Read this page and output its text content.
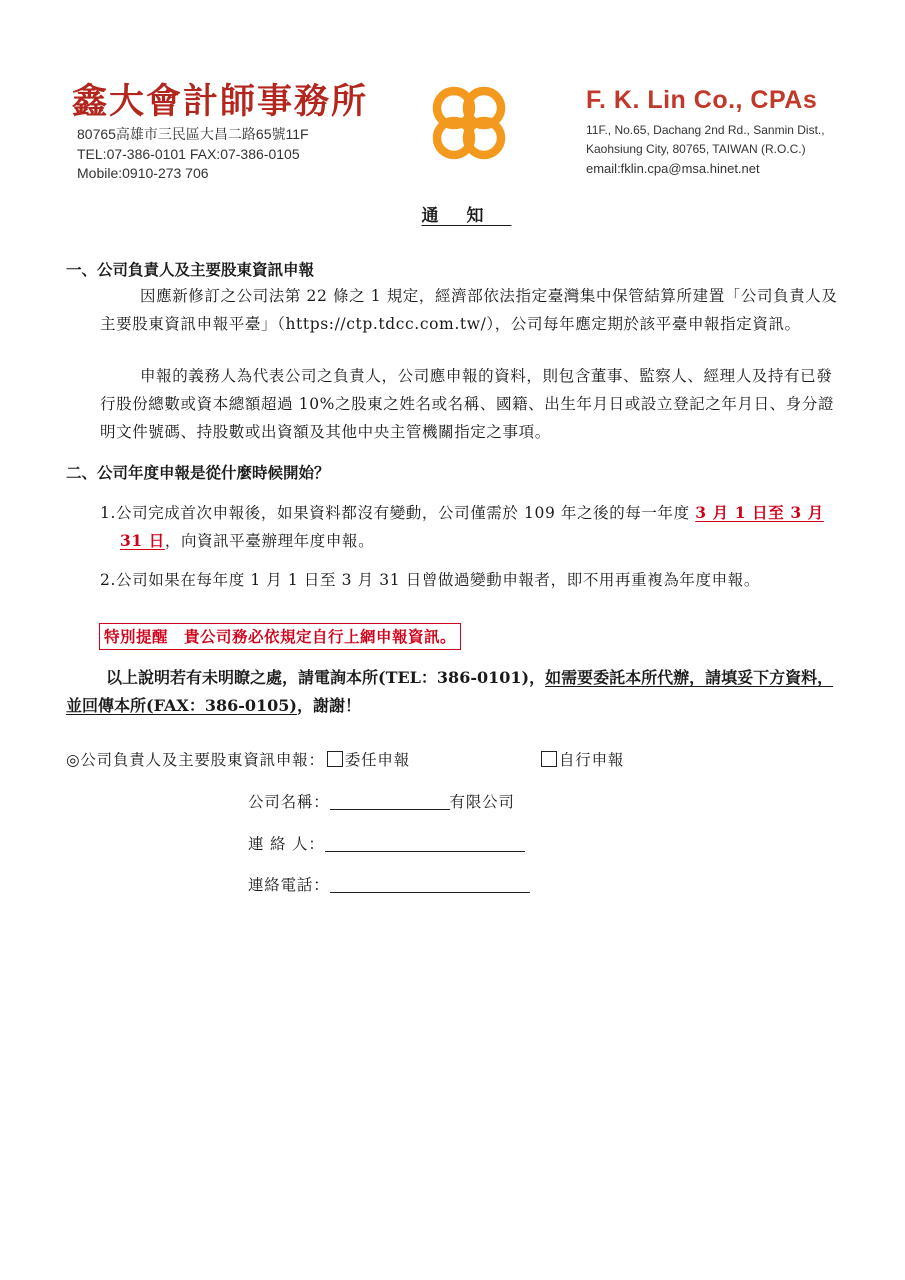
鑫大會計師事務所
80765高雄市三民區大昌二路65號11F
TEL:07-386-0101 FAX:07-386-0105
Mobile:0910-273 706
F. K. Lin Co., CPAs
11F., No.65, Dachang 2nd Rd., Sanmin Dist.,
Kaohsiung City, 80765, TAIWAN (R.O.C.)
email:fklin.cpa@msa.hinet.net
通知
一、公司負責人及主要股東資訊申報
因應新修訂之公司法第 22 條之 1 規定，經濟部依法指定臺灣集中保管結算所建置「公司負責人及主要股東資訊申報平臺」（https://ctp.tdcc.com.tw/），公司每年應定期於該平臺申報指定資訊。
申報的義務人為代表公司之負責人，公司應申報的資料，則包含董事、監察人、經理人及持有已發行股份總數或資本總額超過 10%之股東之姓名或名稱、國籍、出生年月日或設立登記之年月日、身分證明文件號碼、持股數或出資額及其他中央主管機關指定之事項。
二、公司年度申報是從什麼時候開始？
1.公司完成首次申報後，如果資料都沒有變動，公司僅需於 109 年之後的每一年度 3 月 1 日至 3 月 31 日，向資訊平臺辦理年度申報。
2.公司如果在每年度 1 月 1 日至 3 月 31 日曾做過變動申報者，即不用再重複為年度申報。
特別提醒　貴公司務必依規定自行上網申報資訊。
以上說明若有未明瞭之處，請電詢本所(TEL：386-0101)，如需要委託本所代辦，請填妥下方資料，並回傳本所(FAX：386-0105)，謝謝！
◎公司負責人及主要股東資訊申報： 委任申報	自行申報
公司名稱：	有限公司
連 絡 人：
連絡電話：
